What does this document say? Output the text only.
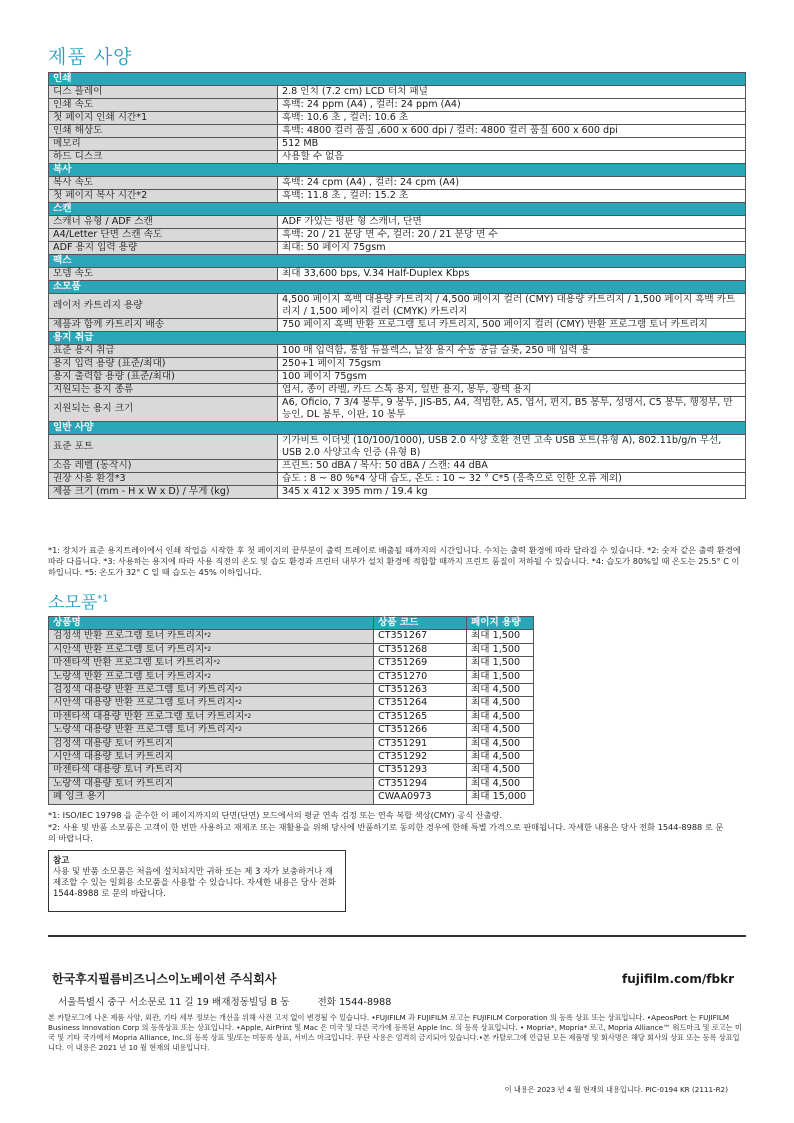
제품 사양
인쇄	
디스 플레이	2.8 인치 (7.2 cm) LCD 터치 패널
인쇄 속도	흑백: 24 ppm (A4) , 컬러: 24 ppm (A4)
첫 페이지 인쇄 시간*1	흑백: 10.6 초 , 컬러: 10.6 초
인쇄 해상도	흑백: 4800 컬러 품질 ,600 x 600 dpi / 컬러: 4800 컬러 품질 600 x 600 dpi
메모리	512 MB
하드 디스크	사용할 수 없음
복사	
복사 속도	흑백: 24 cpm (A4) , 컬러: 24 cpm (A4)
첫 페이지 복사 시간*2	흑백: 11.8 초 , 컬러: 15.2 초
스캔	
스캐너 유형 / ADF 스캔	ADF 가있는 평판 형 스캐너, 단면
A4/Letter 단면 스캔 속도	흑백: 20 / 21 분당 면 수, 컬러: 20 / 21 분당 면 수
ADF 용지 입력 용량	최대: 50 페이지 75gsm
팩스	
모뎀 속도	최대 33,600 bps, V.34 Half-Duplex Kbps
소모품	
레이저 카트리지 용량	4,500 페이지 흑백 대용량 카트리지 / 4,500 페이지 컬러 (CMY) 대용량 카트리지 / 1,500 페이지 흑백 카트리지 / 1,500 페이지 컬러 (CMYK) 카트리지
제품과 함께 카트리지 배송	750 페이지 흑백 반환 프로그램 토너 카트리지, 500 페이지 컬러 (CMY) 반환 프로그램 토너 카트리지
용지 취급	
표준 용지 취급	100 매 입력함, 통합 듀플렉스, 낱장 용지 수동 공급 슬롯, 250 매 입력 용
용지 입력 용량 (표준/최대)	250+1 페이지 75gsm
용지 출력함 용량 (표준/최대)	100 페이지 75gsm
지원되는 용지 종류	엽서, 종이 라벨, 카드 스톡 용지, 일반 용지, 봉투, 광택 용지
지원되는 용지 크기	A6, Oficio, 7 3/4 봉투, 9 봉투, JIS-B5, A4, 적법한, A5, 엽서, 편지, B5 봉투, 성명서, C5 봉투, 행정부, 만능인, DL 봉투, 이판, 10 봉투
일반 사양	
표준 포트	기가비트 이더넷 (10/100/1000), USB 2.0 사양 호환 전면 고속 USB 포트(유형 A), 802.11b/g/n 무선, USB 2.0 사양고속 인증 (유형 B)
소음 레벨 (동작시)	프린트: 50 dBA / 복사: 50 dBA / 스캔: 44 dBA
권장 사용 환경*3	습도 : 8 ~ 80 %*4 상대 습도, 온도 : 10 ~ 32 ° C*5 (응축으로 인한 오류 제외)
제품 크기 (mm - H x W x D) / 무게 (kg)	345 x 412 x 395 mm / 19.4 kg
*1: 장치가 표준 용지트레이에서 인쇄 작업을 시작한 후 첫 페이지의 끝부분이 출력 트레이로 배출될 때까지의 시간입니다. 수치는 출력 환경에 따라 달라질 수 있습니다. *2: 숫자 같은 출력 환경에 따라 다릅니다. *3: 사용하는 용지에 따라 사용 직전의 온도 및 습도 환경과 프린터 내부가 설치 환경에 적합할 때까지 프린트 품질이 저하될 수 있습니다. *4: 습도가 80%일 때 온도는 25.5° C 이하입니다. *5: 온도가 32° C 일 때 습도는 45% 이하입니다.
소모품$^{*1}$
상품명	상품 코드	페이지 용량
검정색 반환 프로그램 토너 카트리지$^{*2}$	CT351267	최대 1,500
시안색 반환 프로그램 토너 카트리지$^{*2}$	CT351268	최대 1,500
마젠타색 반환 프로그램 토너 카트리지$^{*2}$	CT351269	최대 1,500
노랑색 반환 프로그램 토너 카트리지$^{*2}$	CT351270	최대 1,500
검정색 대용량 반환 프로그램 토너 카트리지$^{*2}$	CT351263	최대 4,500
시안색 대용량 반환 프로그램 토너 카트리지$^{*2}$	CT351264	최대 4,500
마젠타색 대용량 반환 프로그램 토너 카트리지$^{*2}$	CT351265	최대 4,500
노랑색 대용량 반환 프로그램 토너 카트리지$^{*2}$	CT351266	최대 4,500
검정색 대용량 토너 카트리지	CT351291	최대 4,500
시안색 대용량 토너 카트리지	CT351292	최대 4,500
마젠타색 대용량 토너 카트리지	CT351293	최대 4,500
노랑색 대용량 토너 카트리지	CT351294	최대 4,500
폐 잉크 용기	CWAA0973	최대 15,000
*1: ISO/IEC 19798 을 준수한 이 페이지까지의 단면(단면) 모드에서의 평균 연속 검정 또는 연속 복합 색상(CMY) 공식 산출량.
*2: 사용 및 반품 소모품은 고객이 한 번만 사용하고 재제조 또는 재활용을 위해 당사에 반품하기로 동의한 경우에 한해 특별 가격으로 판매됩니다. 자세한 내용은 당사 전화 1544-8988 로 문의 바랍니다.
참고
사용 및 반품 소모품은 처음에 설치되지만 귀하 또는 제 3 자가 보충하거나 재제조할 수 있는 일회용 소모품을 사용할 수 있습니다. 자세한 내용은 당사 전화 1544-8988 로 문의 바랍니다.
한국후지필름비즈니스이노베이션 주식회사	fujifilm.com/fbkr
서울특별시 중구 서소문로 11 길 19 배재정동빌딩 B 동	전화 1544-8988
본 카탈로그에 나온 제품 사양, 외관, 기타 세부 정보는 개선을 위해 사전 고지 없이 변경될 수 있습니다. •FUJIFILM 과 FUJIFILM 로고는 FUJIFILM Corporation 의 등록 상표 또는 상표입니다. •ApeosPort 는 FUJIFILM Business Innovation Corp 의 등록상표 또는 상표입니다. •Apple, AirPrint 및 Mac 은 미국 및 다른 국가에 등록된 Apple Inc. 의 등록 상표입니다. • Mopria*, Mopria* 로고, Mopria Alliance™ 워드마크 및 로고는 미국 및 기타 국가에서 Mopria Alliance, Inc.의 등록 상표 및/또는 미등록 상표, 서비스 마크입니다. 무단 사용은 엄격히 금지되어 있습니다.•본 카탈로그에 언급된 모든 제품명 및 회사명은 해당 회사의 상표 또는 등록 상표입니다. 이 내용은 2021 년 10 월 현재의 내용입니다.
이 내용은 2023 년 4 월 현재의 내용입니다. PIC-0194 KR (2111-R2)
